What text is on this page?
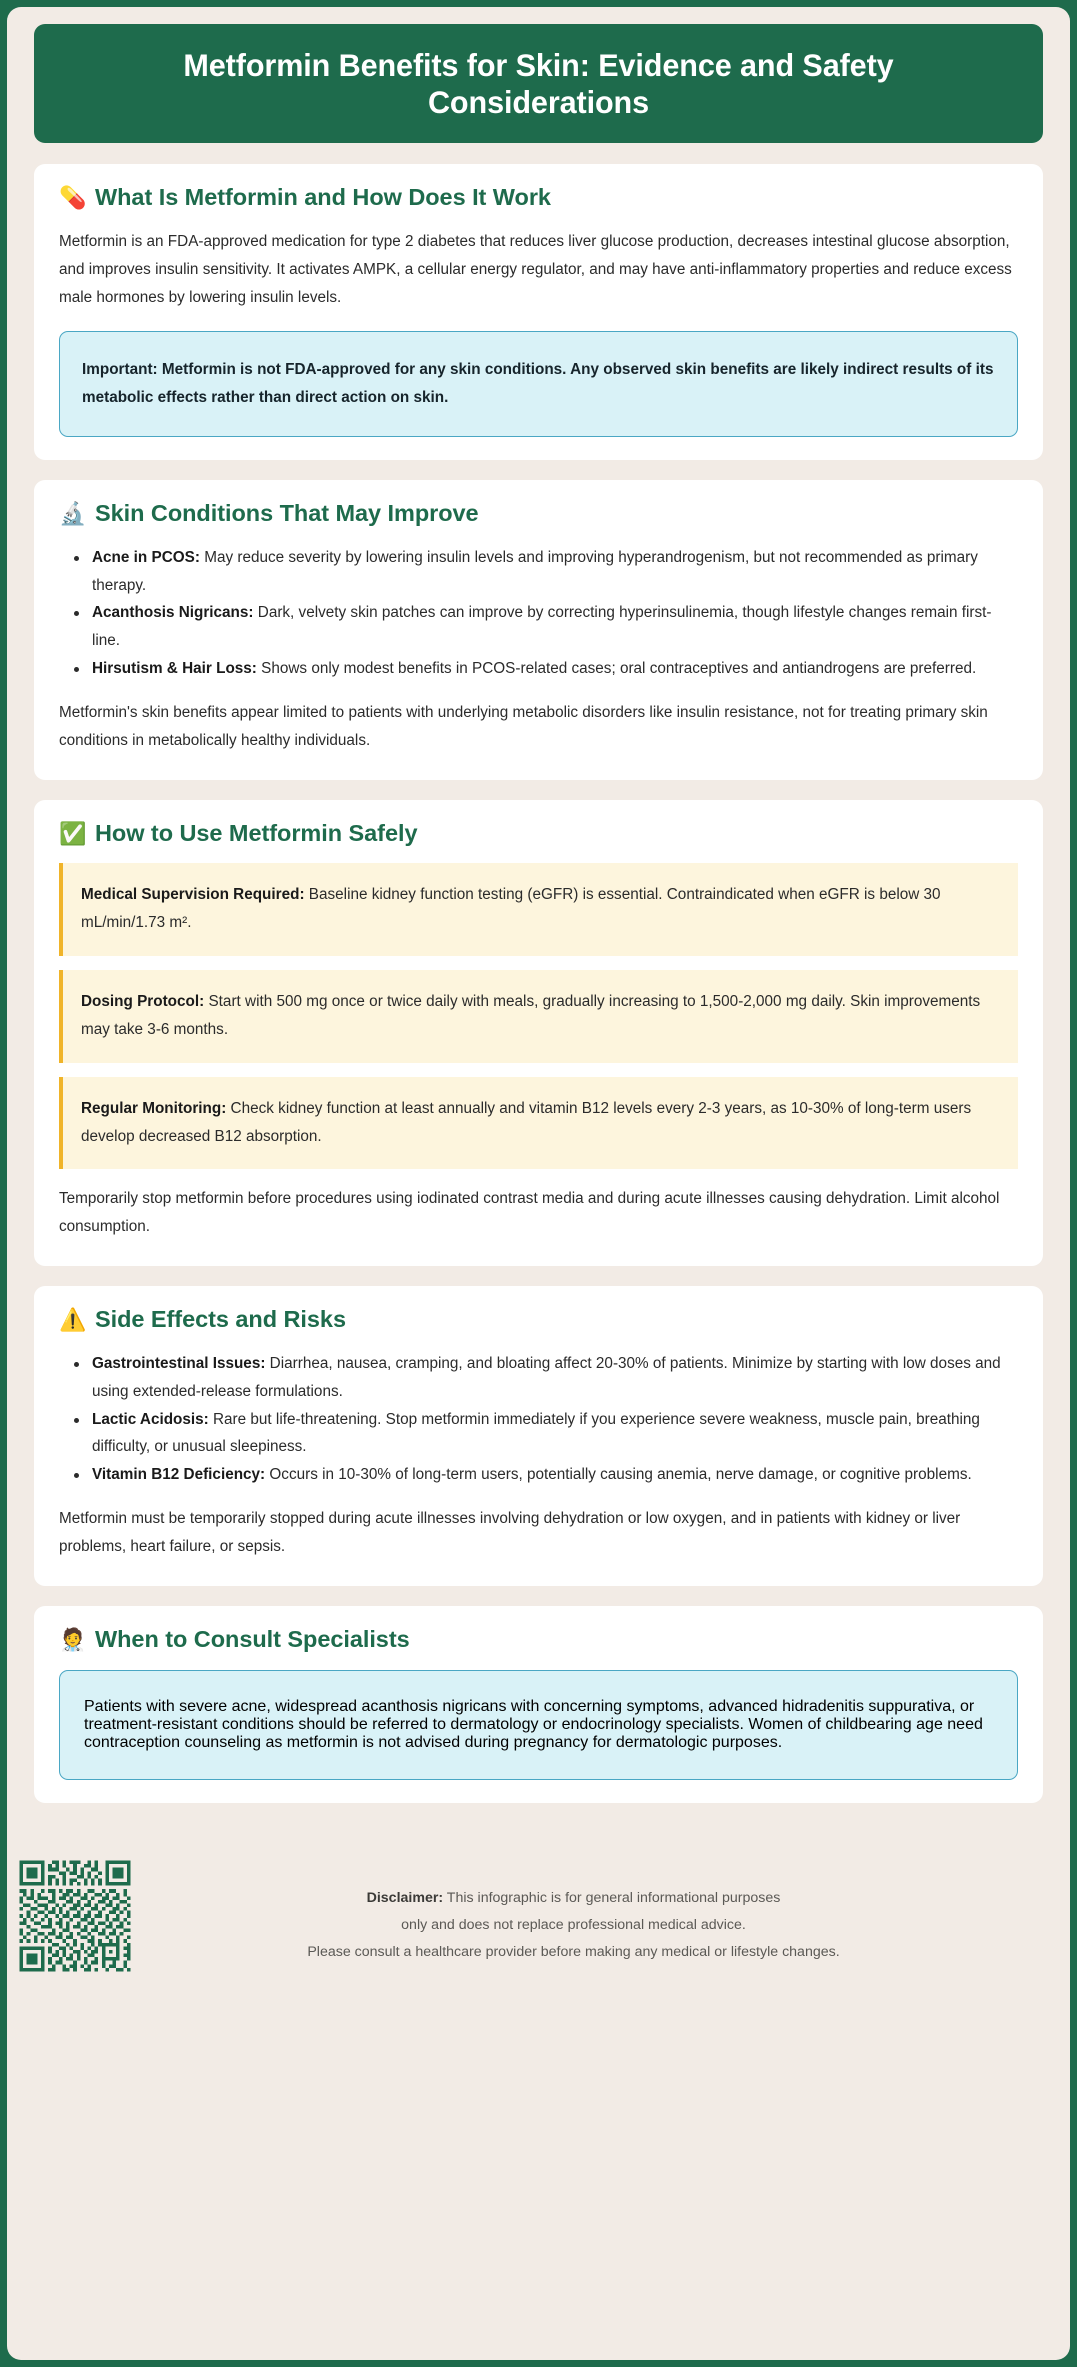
Metformin Benefits for Skin: Evidence and Safety Considerations
💊 What Is Metformin and How Does It Work

Metformin is an FDA-approved medication for type 2 diabetes that reduces liver glucose production, decreases intestinal glucose absorption, and improves insulin sensitivity. It activates AMPK, a cellular energy regulator, and may have anti-inflammatory properties and reduce excess male hormones by lowering insulin levels.

Important: Metformin is not FDA-approved for any skin conditions. Any observed skin benefits are likely indirect results of its metabolic effects rather than direct action on skin.
🔬 Skin Conditions That May Improve
Acne in PCOS: May reduce severity by lowering insulin levels and improving hyperandrogenism, but not recommended as primary therapy.
Acanthosis Nigricans: Dark, velvety skin patches can improve by correcting hyperinsulinemia, though lifestyle changes remain first-line.
Hirsutism & Hair Loss: Shows only modest benefits in PCOS-related cases; oral contraceptives and antiandrogens are preferred.

Metformin's skin benefits appear limited to patients with underlying metabolic disorders like insulin resistance, not for treating primary skin conditions in metabolically healthy individuals.

✅ How to Use Metformin Safely

Medical Supervision Required: Baseline kidney function testing (eGFR) is essential. Contraindicated when eGFR is below 30 mL/min/1.73 m².

Dosing Protocol: Start with 500 mg once or twice daily with meals, gradually increasing to 1,500-2,000 mg daily. Skin improvements may take 3-6 months.

Regular Monitoring: Check kidney function at least annually and vitamin B12 levels every 2-3 years, as 10-30% of long-term users develop decreased B12 absorption.

Temporarily stop metformin before procedures using iodinated contrast media and during acute illnesses causing dehydration. Limit alcohol consumption.

⚠️ Side Effects and Risks
Gastrointestinal Issues: Diarrhea, nausea, cramping, and bloating affect 20-30% of patients. Minimize by starting with low doses and using extended-release formulations.
Lactic Acidosis: Rare but life-threatening. Stop metformin immediately if you experience severe weakness, muscle pain, breathing difficulty, or unusual sleepiness.
Vitamin B12 Deficiency: Occurs in 10-30% of long-term users, potentially causing anemia, nerve damage, or cognitive problems.

Metformin must be temporarily stopped during acute illnesses involving dehydration or low oxygen, and in patients with kidney or liver problems, heart failure, or sepsis.

🧑‍⚕️ When to Consult Specialists
Patients with severe acne, widespread acanthosis nigricans with concerning symptoms, advanced hidradenitis suppurativa, or treatment-resistant conditions should be referred to dermatology or endocrinology specialists. Women of childbearing age need contraception counseling as metformin is not advised during pregnancy for dermatologic purposes.
Disclaimer: This infographic is for general informational purposes
only and does not replace professional medical advice.
Please consult a healthcare provider before making any medical or lifestyle changes.
